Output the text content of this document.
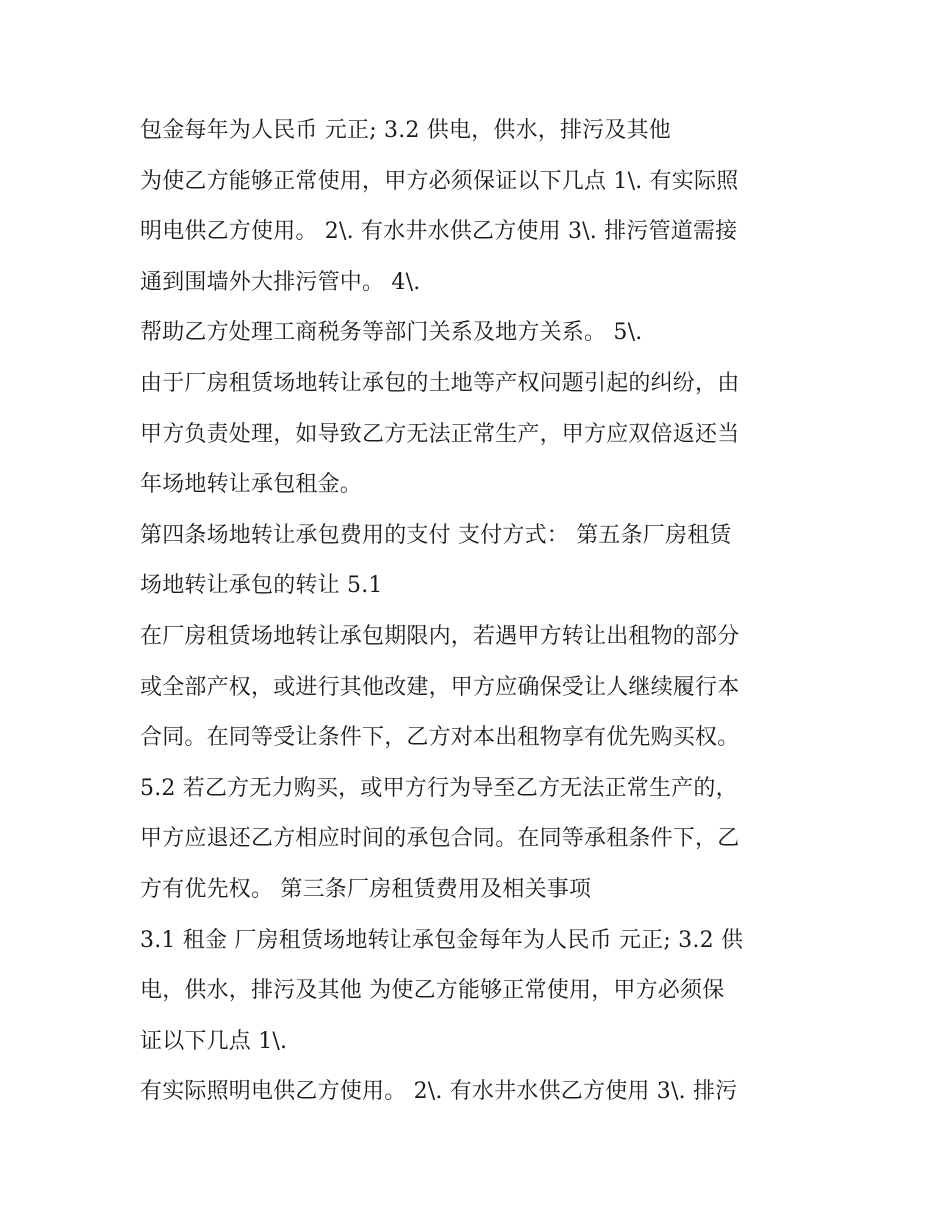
包金每年为人民币 元正; 3.2 供电，供水，排污及其他
为使乙方能够正常使用，甲方必须保证以下几点 1\. 有实际照
明电供乙方使用。 2\. 有水井水供乙方使用 3\. 排污管道需接
通到围墙外大排污管中。 4\.
帮助乙方处理工商税务等部门关系及地方关系。 5\.
由于厂房租赁场地转让承包的土地等产权问题引起的纠纷，由
甲方负责处理，如导致乙方无法正常生产，甲方应双倍返还当
年场地转让承包租金。
第四条场地转让承包费用的支付 支付方式： 第五条厂房租赁
场地转让承包的转让 5.1
在厂房租赁场地转让承包期限内，若遇甲方转让出租物的部分
或全部产权，或进行其他改建，甲方应确保受让人继续履行本
合同。在同等受让条件下，乙方对本出租物享有优先购买权。
5.2 若乙方无力购买，或甲方行为导至乙方无法正常生产的，
甲方应退还乙方相应时间的承包合同。在同等承租条件下，乙
方有优先权。 第三条厂房租赁费用及相关事项
3.1 租金 厂房租赁场地转让承包金每年为人民币 元正; 3.2 供
电，供水，排污及其他 为使乙方能够正常使用，甲方必须保
证以下几点 1\.
有实际照明电供乙方使用。 2\. 有水井水供乙方使用 3\. 排污
